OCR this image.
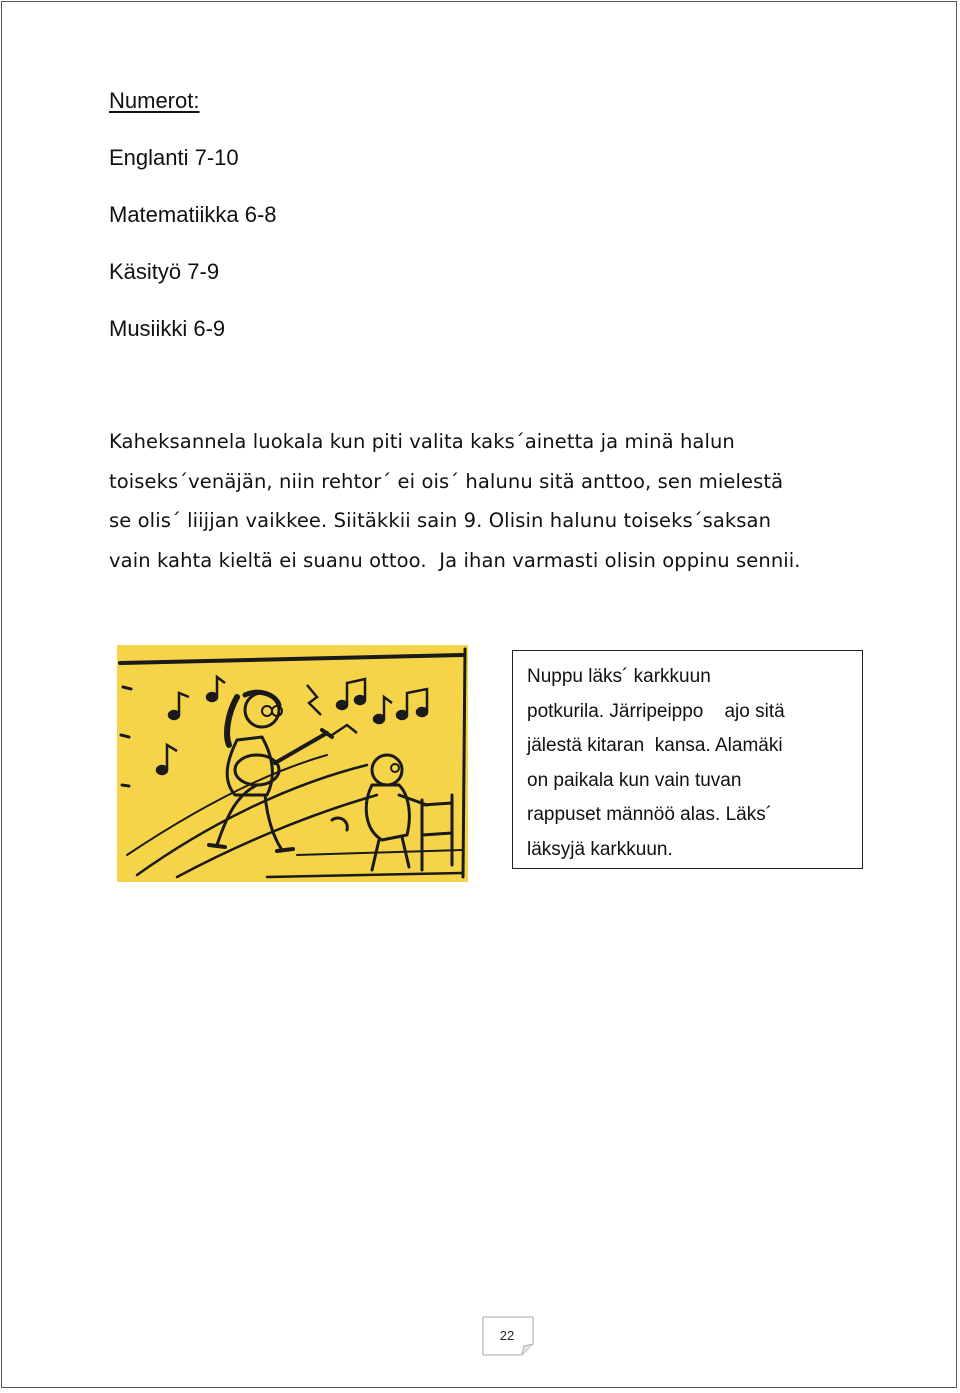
Numerot:
Englanti 7-10
Matematiikka 6-8
Käsityö 7-9
Musiikki 6-9
Kaheksannela luokala kun piti valita kaks´ainetta ja minä halun
toiseks´venäjän, niin rehtor´ ei ois´ halunu sitä anttoo, sen mielestä
se olis´ liijjan vaikkee. Siitäkkii sain 9. Olisin halunu toiseks´saksan
vain kahta kieltä ei suanu ottoo.  Ja ihan varmasti olisin oppinu sennii.
Nuppu läks´ karkkuun
potkurila. Järripeippo    ajo sitä
jälestä kitaran  kansa. Alamäki
on paikala kun vain tuvan
rappuset männöö alas. Läks´
läksyjä karkkuun.
22
